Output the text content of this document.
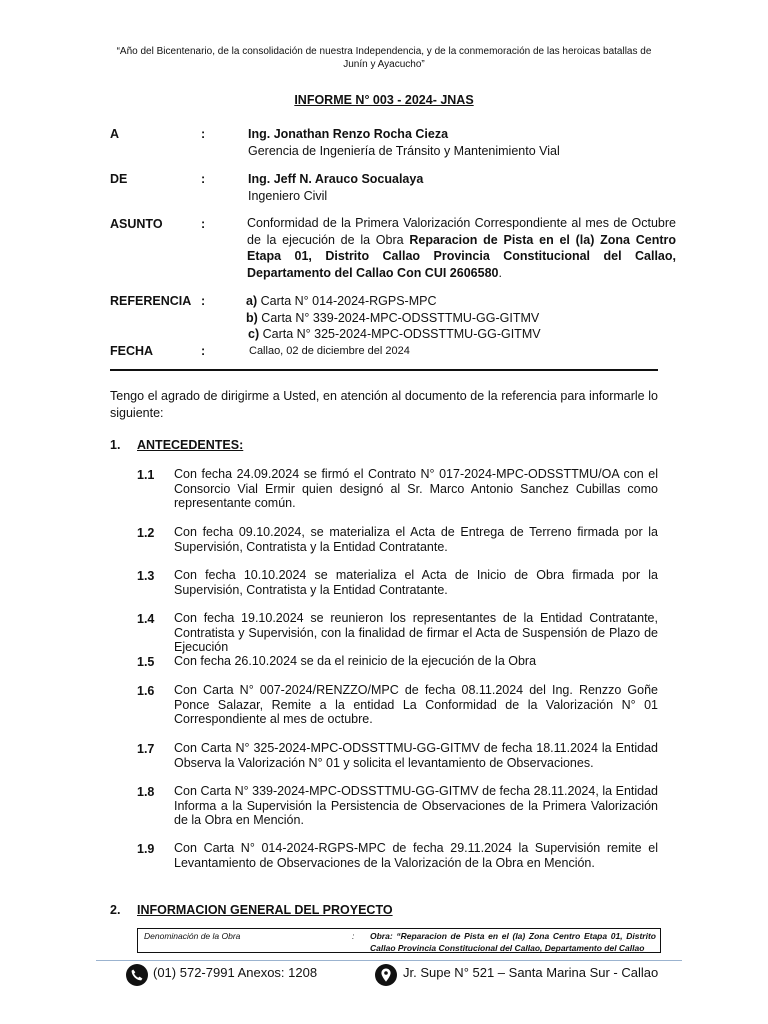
“Año del Bicentenario, de la consolidación de nuestra Independencia, y de la conmemoración de las heroicas batallas de Junín y Ayacucho”
INFORME N° 003 - 2024- JNAS
A	:	Ing. Jonathan Renzo Rocha Cieza
Gerencia de Ingeniería de Tránsito y Mantenimiento Vial
DE	:	Ing. Jeff N. Arauco Socualaya
Ingeniero Civil
ASUNTO	:	Conformidad de la Primera Valorización Correspondiente al mes de Octubre de la ejecución de la Obra Reparacion de Pista en el (la) Zona Centro Etapa 01, Distrito Callao Provincia Constitucional del Callao, Departamento del Callao Con CUI 2606580.
REFERENCIA :	a) Carta N° 014-2024-RGPS-MPC
b) Carta N° 339-2024-MPC-ODSSTTMU-GG-GITMV
c) Carta N° 325-2024-MPC-ODSSTTMU-GG-GITMV
FECHA	:	Callao, 02 de diciembre del 2024
Tengo el agrado de dirigirme a Usted, en atención al documento de la referencia para informarle lo siguiente:
1. ANTECEDENTES:
1.1 Con fecha 24.09.2024 se firmó el Contrato N° 017-2024-MPC-ODSSTTMU/OA con el Consorcio Vial Ermir quien designó al Sr. Marco Antonio Sanchez Cubillas como representante común.
1.2 Con fecha 09.10.2024, se materializa el Acta de Entrega de Terreno firmada por la Supervisión, Contratista y la Entidad Contratante.
1.3 Con fecha 10.10.2024 se materializa el Acta de Inicio de Obra firmada por la Supervisión, Contratista y la Entidad Contratante.
1.4 Con fecha 19.10.2024 se reunieron los representantes de la Entidad Contratante, Contratista y Supervisión, con la finalidad de firmar el Acta de Suspensión de Plazo de Ejecución
1.5 Con fecha 26.10.2024 se da el reinicio de la ejecución de la Obra
1.6 Con Carta N° 007-2024/RENZZO/MPC de fecha 08.11.2024 del Ing. Renzzo Goñe Ponce Salazar, Remite a la entidad La Conformidad de la Valorización N° 01 Correspondiente al mes de octubre.
1.7 Con Carta N° 325-2024-MPC-ODSSTTMU-GG-GITMV de fecha 18.11.2024 la Entidad Observa la Valorización N° 01 y solicita el levantamiento de Observaciones.
1.8 Con Carta N° 339-2024-MPC-ODSSTTMU-GG-GITMV de fecha 28.11.2024, la Entidad Informa a la Supervisión la Persistencia de Observaciones de la Primera Valorización de la Obra en Mención.
1.9 Con Carta N° 014-2024-RGPS-MPC de fecha 29.11.2024 la Supervisión remite el Levantamiento de Observaciones de la Valorización de la Obra en Mención.
2. INFORMACION GENERAL DEL PROYECTO
Denominación de la Obra	: Obra: “Reparacion de Pista en el (la) Zona Centro Etapa 01, Distrito Callao Provincia Constitucional del Callao, Departamento del Callao
(01) 572-7991 Anexos: 1208	Jr. Supe N° 521 – Santa Marina Sur - Callao
